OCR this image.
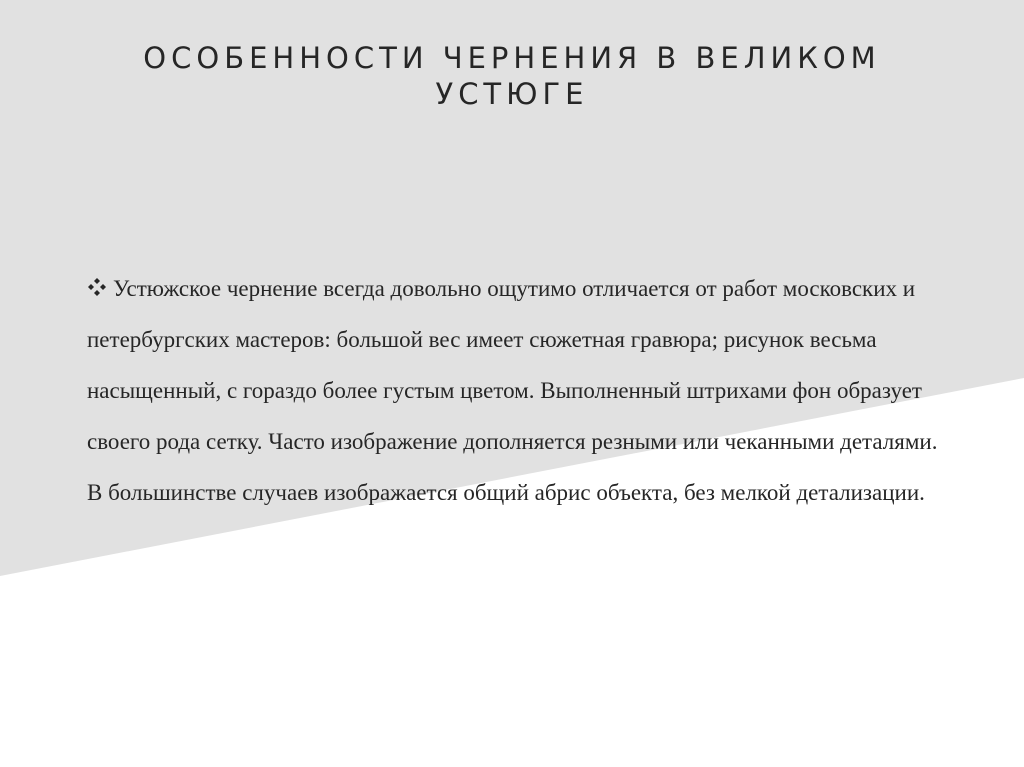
ОСОБЕННОСТИ ЧЕРНЕНИЯ В ВЕЛИКОМ
УСТЮГЕ

Устюжское чернение всегда довольно ощутимо отличается от работ московских и петербургских мастеров: большой вес имеет сюжетная гравюра; рисунок весьма насыщенный, с гораздо более густым цветом. Выполненный штрихами фон образует своего рода сетку. Часто изображение дополняется резными или чеканными деталями. В большинстве случаев изображается общий абрис объекта, без мелкой детализации.
